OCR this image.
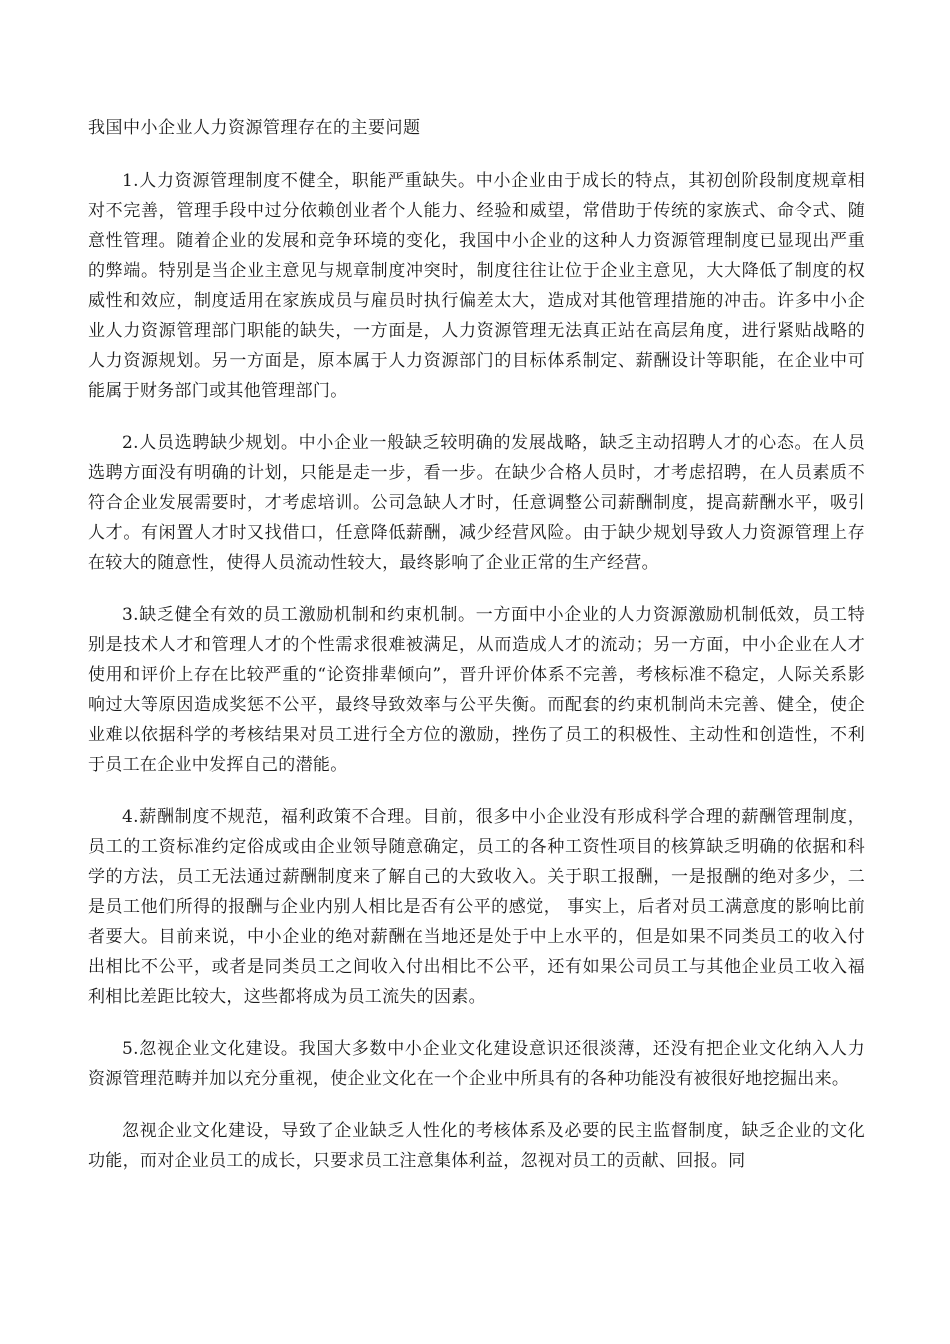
我国中小企业人力资源管理存在的主要问题

1.人力资源管理制度不健全，职能严重缺失。中小企业由于成长的特点，其初创阶段制度规章相对不完善，管理手段中过分依赖创业者个人能力、经验和威望，常借助于传统的家族式、命令式、随意性管理。随着企业的发展和竞争环境的变化，我国中小企业的这种人力资源管理制度已显现出严重的弊端。特别是当企业主意见与规章制度冲突时，制度往往让位于企业主意见，大大降低了制度的权威性和效应，制度适用在家族成员与雇员时执行偏差太大，造成对其他管理措施的冲击。许多中小企业人力资源管理部门职能的缺失，一方面是，人力资源管理无法真正站在高层角度，进行紧贴战略的人力资源规划。另一方面是，原本属于人力资源部门的目标体系制定、薪酬设计等职能，在企业中可能属于财务部门或其他管理部门。

2.人员选聘缺少规划。中小企业一般缺乏较明确的发展战略，缺乏主动招聘人才的心态。在人员选聘方面没有明确的计划，只能是走一步，看一步。在缺少合格人员时，才考虑招聘，在人员素质不符合企业发展需要时，才考虑培训。公司急缺人才时，任意调整公司薪酬制度，提高薪酬水平，吸引人才。有闲置人才时又找借口，任意降低薪酬，减少经营风险。由于缺少规划导致人力资源管理上存在较大的随意性，使得人员流动性较大，最终影响了企业正常的生产经营。

3.缺乏健全有效的员工激励机制和约束机制。一方面中小企业的人力资源激励机制低效，员工特别是技术人才和管理人才的个性需求很难被满足，从而造成人才的流动；另一方面，中小企业在人才使用和评价上存在比较严重的“论资排辈倾向”，晋升评价体系不完善，考核标准不稳定，人际关系影响过大等原因造成奖惩不公平，最终导致效率与公平失衡。而配套的约束机制尚未完善、健全，使企业难以依据科学的考核结果对员工进行全方位的激励，挫伤了员工的积极性、主动性和创造性，不利于员工在企业中发挥自己的潜能。

4.薪酬制度不规范，福利政策不合理。目前，很多中小企业没有形成科学合理的薪酬管理制度，员工的工资标准约定俗成或由企业领导随意确定，员工的各种工资性项目的核算缺乏明确的依据和科学的方法，员工无法通过薪酬制度来了解自己的大致收入。关于职工报酬，一是报酬的绝对多少，二是员工他们所得的报酬与企业内别人相比是否有公平的感觉， 事实上，后者对员工满意度的影响比前者要大。目前来说，中小企业的绝对薪酬在当地还是处于中上水平的，但是如果不同类员工的收入付出相比不公平，或者是同类员工之间收入付出相比不公平，还有如果公司员工与其他企业员工收入福利相比差距比较大，这些都将成为员工流失的因素。

5.忽视企业文化建设。我国大多数中小企业文化建设意识还很淡薄，还没有把企业文化纳入人力资源管理范畴并加以充分重视，使企业文化在一个企业中所具有的各种功能没有被很好地挖掘出来。

忽视企业文化建设，导致了企业缺乏人性化的考核体系及必要的民主监督制度，缺乏企业的文化功能，而对企业员工的成长，只要求员工注意集体利益，忽视对员工的贡献、回报。同
